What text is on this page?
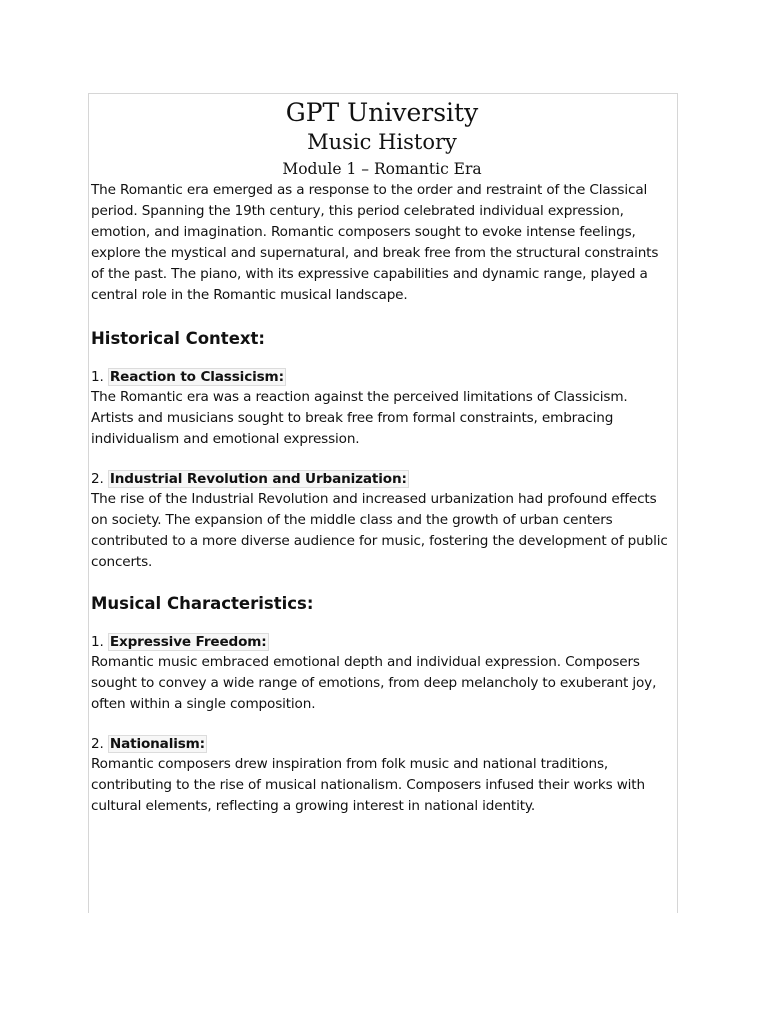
GPT University
Music History
Module 1 – Romantic Era

The Romantic era emerged as a response to the order and restraint of the Classical period. Spanning the 19th century, this period celebrated individual expression, emotion, and imagination. Romantic composers sought to evoke intense feelings, explore the mystical and supernatural, and break free from the structural constraints of the past. The piano, with its expressive capabilities and dynamic range, played a central role in the Romantic musical landscape.

Historical Context:
1. Reaction to Classicism:

The Romantic era was a reaction against the perceived limitations of Classicism. Artists and musicians sought to break free from formal constraints, embracing individualism and emotional expression.

2. Industrial Revolution and Urbanization:

The rise of the Industrial Revolution and increased urbanization had profound effects on society. The expansion of the middle class and the growth of urban centers contributed to a more diverse audience for music, fostering the development of public concerts.

Musical Characteristics:
1. Expressive Freedom:

Romantic music embraced emotional depth and individual expression. Composers sought to convey a wide range of emotions, from deep melancholy to exuberant joy, often within a single composition.

2. Nationalism:

Romantic composers drew inspiration from folk music and national traditions, contributing to the rise of musical nationalism. Composers infused their works with cultural elements, reflecting a growing interest in national identity.
